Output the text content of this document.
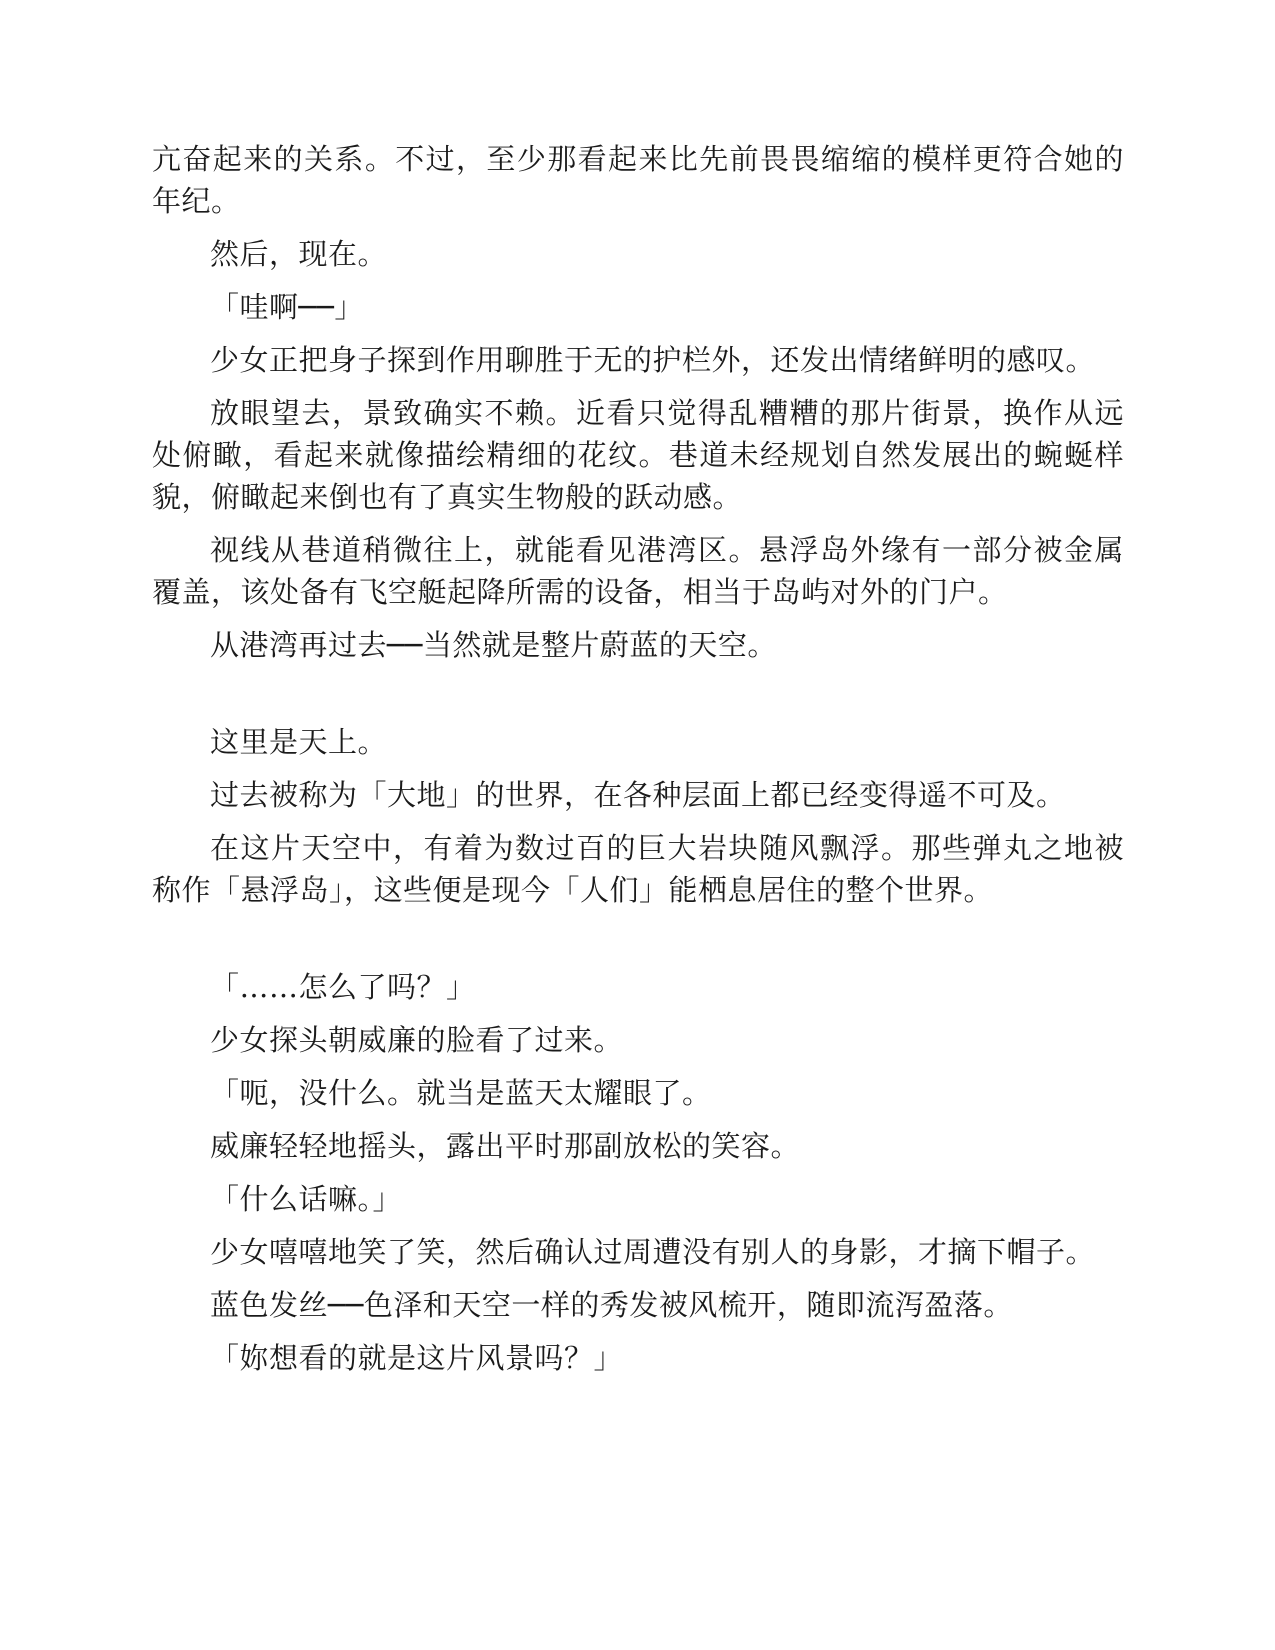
亢奋起来的关系。不过，至少那看起来比先前畏畏缩缩的模样更符合她的年纪。

然后，现在。

「哇啊──」

少女正把身子探到作用聊胜于无的护栏外，还发出情绪鲜明的感叹。

放眼望去，景致确实不赖。近看只觉得乱糟糟的那片街景，换作从远处俯瞰，看起来就像描绘精细的花纹。巷道未经规划自然发展出的蜿蜒样貌，俯瞰起来倒也有了真实生物般的跃动感。

视线从巷道稍微往上，就能看见港湾区。悬浮岛外缘有一部分被金属覆盖，该处备有飞空艇起降所需的设备，相当于岛屿对外的门户。

从港湾再过去──当然就是整片蔚蓝的天空。

这里是天上。

过去被称为「大地」的世界，在各种层面上都已经变得遥不可及。

在这片天空中，有着为数过百的巨大岩块随风飘浮。那些弹丸之地被称作「悬浮岛」，这些便是现今「人们」能栖息居住的整个世界。

「……怎么了吗？」

少女探头朝威廉的脸看了过来。

「呃，没什么。就当是蓝天太耀眼了。

威廉轻轻地摇头，露出平时那副放松的笑容。

「什么话嘛。」

少女嘻嘻地笑了笑，然后确认过周遭没有别人的身影，才摘下帽子。

蓝色发丝──色泽和天空一样的秀发被风梳开，随即流泻盈落。

「妳想看的就是这片风景吗？」
